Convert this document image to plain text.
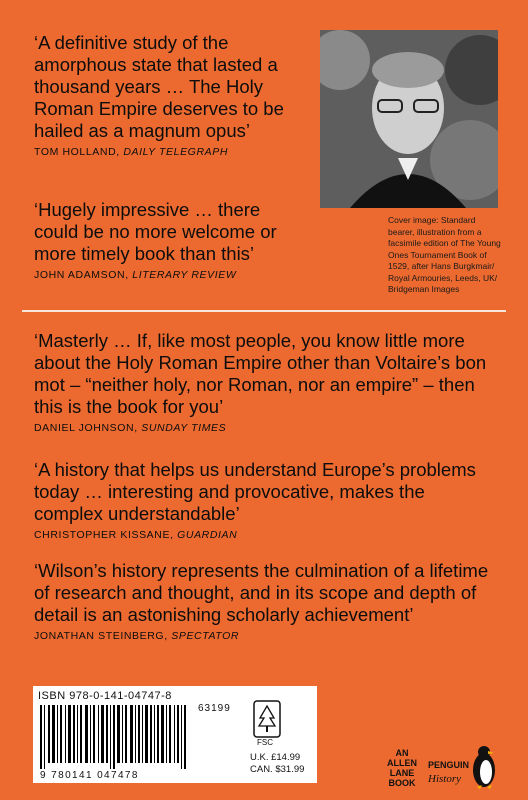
‘A definitive study of the amorphous state that lasted a thousand years … The Holy Roman Empire deserves to be hailed as a magnum opus’
TOM HOLLAND, DAILY TELEGRAPH
‘Hugely impressive … there could be no more welcome or more timely book than this’
JOHN ADAMSON, LITERARY REVIEW
Cover image: Standard bearer, illustration from a facsimile edition of The Young Ones Tournament Book of 1529, after Hans Burgkmair/ Royal Armouries, Leeds, UK/ Bridgeman Images
‘Masterly … If, like most people, you know little more about the Holy Roman Empire other than Voltaire’s bon mot – “neither holy, nor Roman, nor an empire” – then this is the book for you’
DANIEL JOHNSON, SUNDAY TIMES
‘A history that helps us understand Europe’s problems today … interesting and provocative, makes the complex understandable’
CHRISTOPHER KISSANE, GUARDIAN
‘Wilson’s history represents the culmination of a lifetime of research and thought, and in its scope and depth of detail is an astonishing scholarly achievement’
JONATHAN STEINBERG, SPECTATOR
ISBN 978-0-141-04747-8
9 780141 047478
63199
FSC
U.K. £14.99
CAN. $31.99
AN ALLEN LANE BOOK
PENGUIN
History
